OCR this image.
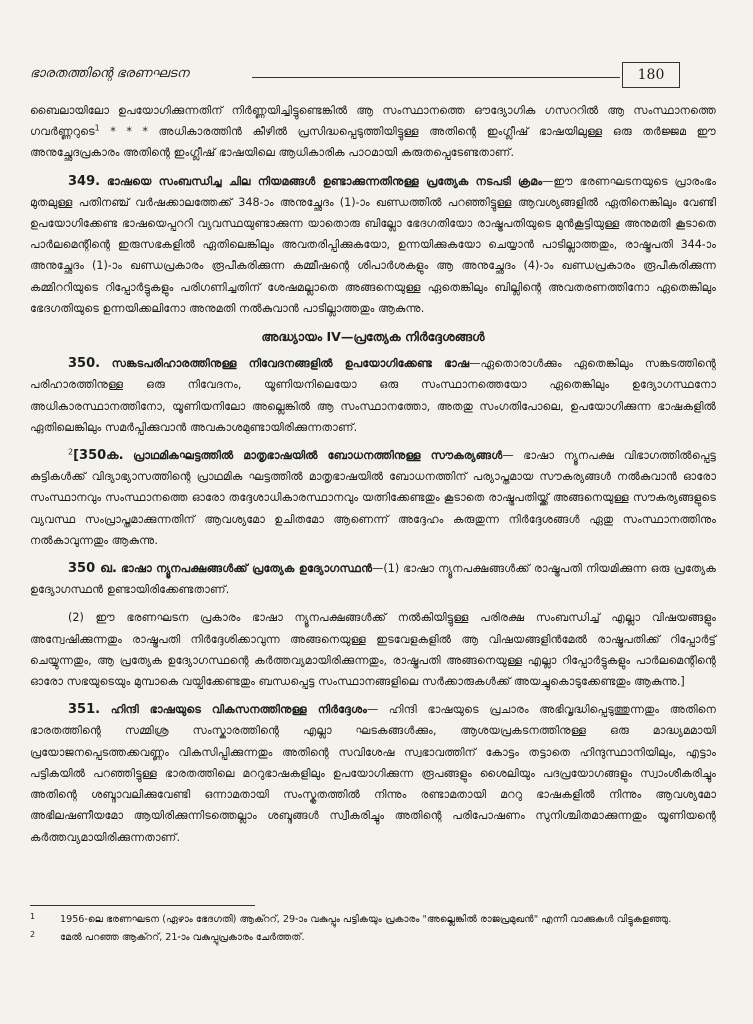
ഭാരതത്തിന്റെ ഭരണഘടന	180

ബൈലായിലോ ഉപയോഗിക്കുന്നതിന് നിർണ്ണയിച്ചിട്ടുണ്ടെങ്കിൽ ആ സംസ്ഥാനത്തെ ഔദ്യോഗിക ഗസററിൽ ആ സംസ്ഥാനത്തെ ഗവർണ്ണറുടെ$^1$ * * * അധികാരത്തിൻ കീഴിൽ പ്രസിദ്ധപ്പെടുത്തിയിട്ടുള്ള അതിന്റെ ഇംഗ്ലീഷ് ഭാഷയിലുള്ള ഒരു തർജ്ജമ ഈ അനുച്ഛേദപ്രകാരം അതിന്റെ ഇംഗ്ലീഷ് ഭാഷയിലെ ആധികാരിക പാഠമായി കരുതപ്പെടേണ്ടതാണ്.

349. ഭാഷയെ സംബന്ധിച്ച ചില നിയമങ്ങൾ ഉണ്ടാക്കുന്നതിനുള്ള പ്രത്യേക നടപടി ക്രമം—ഈ ഭരണഘടനയുടെ പ്രാരംഭം മുതലുള്ള പതിനഞ്ച് വർഷക്കാലത്തേക്ക് 348-ാം അനുച്ഛേദം (1)-ാം ഖണ്ഡത്തിൽ പറഞ്ഞിട്ടുള്ള ആവശ്യങ്ങളിൽ ഏതിനെങ്കിലും വേണ്ടി ഉപയോഗിക്കേണ്ട ഭാഷയെപ്പററി വ്യവസ്ഥയുണ്ടാക്കുന്ന യാതൊരു ബില്ലോ ഭേദഗതിയോ രാഷ്ട്രപതിയുടെ മുൻകൂട്ടിയുള്ള അനുമതി കൂടാതെ പാർലമെന്റിന്റെ ഇരുസഭകളിൽ ഏതിലെങ്കിലും അവതരിപ്പിക്കുകയോ, ഉന്നയിക്കുകയോ ചെയ്യാൻ പാടില്ലാത്തതും, രാഷ്ട്രപതി 344-ാം അനുച്ഛേദം (1)-ാം ഖണ്ഡപ്രകാരം രൂപീകരിക്കുന്ന കമ്മീഷന്റെ ശിപാർശകളും ആ അനുച്ഛേദം (4)-ാം ഖണ്ഡപ്രകാരം രൂപീകരിക്കുന്ന കമ്മിററിയുടെ റിപ്പോർട്ടുകളും പരിഗണിച്ചതിന് ശേഷമല്ലാതെ അങ്ങനെയുള്ള ഏതെങ്കിലും ബില്ലിന്റെ അവതരണത്തിനോ ഏതെങ്കിലും ഭേദഗതിയുടെ ഉന്നയിക്കലിനോ അനുമതി നൽകുവാൻ പാടില്ലാത്തതും ആകുന്നു.

അദ്ധ്യായം IV—പ്രത്യേക നിർദ്ദേശങ്ങൾ

350. സങ്കടപരിഹാരത്തിനുള്ള നിവേദനങ്ങളിൽ ഉപയോഗിക്കേണ്ട ഭാഷ—ഏതൊരാൾക്കും ഏതെങ്കിലും സങ്കടത്തിന്റെ പരിഹാരത്തിനുള്ള ഒരു നിവേദനം, യൂണിയനിലെയോ ഒരു സംസ്ഥാനത്തെയോ ഏതെങ്കിലും ഉദ്യോഗസ്ഥനോ അധികാരസ്ഥാനത്തിനോ, യൂണിയനിലോ അല്ലെങ്കിൽ ആ സംസ്ഥാനത്തോ, അതതു സംഗതിപോലെ, ഉപയോഗിക്കുന്ന ഭാഷകളിൽ ഏതിലെങ്കിലും സമർപ്പിക്കുവാൻ അവകാശമുണ്ടായിരിക്കുന്നതാണ്.

$^2$[350ക. പ്രാഥമികഘട്ടത്തിൽ മാതൃഭാഷയിൽ ബോധനത്തിനുള്ള സൗകര്യങ്ങൾ— ഭാഷാ ന്യൂനപക്ഷ വിഭാഗത്തിൽപ്പെട്ട കുട്ടികൾക്ക് വിദ്യാഭ്യാസത്തിന്റെ പ്രാഥമിക ഘട്ടത്തിൽ മാതൃഭാഷയിൽ ബോധനത്തിന് പര്യാപ്തമായ സൗകര്യങ്ങൾ നൽകുവാൻ ഓരോ സംസ്ഥാനവും സംസ്ഥാനത്തെ ഓരോ തദ്ദേശാധികാരസ്ഥാനവും യത്നിക്കേണ്ടതും കൂടാതെ രാഷ്ട്രപതിയ്ക്ക് അങ്ങനെയുള്ള സൗകര്യങ്ങളുടെ വ്യവസ്ഥ സംപ്രാപ്തമാക്കുന്നതിന് ആവശ്യമോ ഉചിതമോ ആണെന്ന് അദ്ദേഹം കരുതുന്ന നിർദ്ദേശങ്ങൾ ഏതു സംസ്ഥാനത്തിനും നൽകാവുന്നതും ആകുന്നു.

350 ഖ. ഭാഷാ ന്യൂനപക്ഷങ്ങൾക്ക് പ്രത്യേക ഉദ്യോഗസ്ഥൻ—(1) ഭാഷാ ന്യൂനപക്ഷങ്ങൾക്ക് രാഷ്ട്രപതി നിയമിക്കുന്ന ഒരു പ്രത്യേക ഉദ്യോഗസ്ഥൻ ഉണ്ടായിരിക്കേണ്ടതാണ്.

(2) ഈ ഭരണഘടന പ്രകാരം ഭാഷാ ന്യൂനപക്ഷങ്ങൾക്ക് നൽകിയിട്ടുള്ള പരിരക്ഷ സംബന്ധിച്ച് എല്ലാ വിഷയങ്ങളും അന്വേഷിക്കുന്നതും രാഷ്ട്രപതി നിർദ്ദേശിക്കാവുന്ന അങ്ങനെയുള്ള ഇടവേളകളിൽ ആ വിഷയങ്ങളിൻമേൽ രാഷ്ട്രപതിക്ക് റിപ്പോർട്ട് ചെയ്യുന്നതും, ആ പ്രത്യേക ഉദ്യോഗസ്ഥന്റെ കർത്തവ്യമായിരിക്കുന്നതും, രാഷ്ട്രപതി അങ്ങനെയുള്ള എല്ലാ റിപ്പോർട്ടുകളും പാർലമെന്റിന്റെ ഓരോ സഭയുടെയും മുമ്പാകെ വയ്പിക്കേണ്ടതും ബന്ധപ്പെട്ട സംസ്ഥാനങ്ങളിലെ സർക്കാരുകൾക്ക് അയച്ചുകൊടുക്കേണ്ടതും ആകുന്നു.]

351. ഹിന്ദി ഭാഷയുടെ വികസനത്തിനുള്ള നിർദ്ദേശം— ഹിന്ദി ഭാഷയുടെ പ്രചാരം അഭിവൃദ്ധിപ്പെടുത്തുന്നതും അതിനെ ഭാരതത്തിന്റെ സമ്മിശ്ര സംസ്കാരത്തിന്റെ എല്ലാ ഘടകങ്ങൾക്കും, ആശയപ്രകടനത്തിനുള്ള ഒരു മാദ്ധ്യമമായി പ്രയോജനപ്പെടത്തക്കവണ്ണം വികസിപ്പിക്കുന്നതും അതിന്റെ സവിശേഷ സ്വഭാവത്തിന് കോട്ടം തട്ടാതെ ഹിന്ദുസ്ഥാനിയിലും, എട്ടാം പട്ടികയിൽ പറഞ്ഞിട്ടുള്ള ഭാരതത്തിലെ മററുഭാഷകളിലും ഉപയോഗിക്കുന്ന രൂപങ്ങളും ശൈലിയും പദപ്രയോഗങ്ങളും സ്വാംശീകരിച്ചും അതിന്റെ ശബ്ദാവലിക്കുവേണ്ടി ഒന്നാമതായി സംസ്കൃതത്തിൽ നിന്നും രണ്ടാമതായി മററു ഭാഷകളിൽ നിന്നും ആവശ്യമോ അഭിലഷണീയമോ ആയിരിക്കുന്നിടത്തെല്ലാം ശബ്ദങ്ങൾ സ്വീകരിച്ചും അതിന്റെ പരിപോഷണം സുനിശ്ചിതമാക്കുന്നതും യൂണിയന്റെ കർത്തവ്യമായിരിക്കുന്നതാണ്.

1	1956-ലെ ഭരണഘടന (ഏഴാം ഭേദഗതി) ആക്ററ്, 29-ാം വകുപ്പും പട്ടികയും പ്രകാരം "അല്ലെങ്കിൽ രാജപ്രമുഖൻ" എന്നീ വാക്കുകൾ വിട്ടുകളഞ്ഞു.
2	മേൽ പറഞ്ഞ ആക്ററ്, 21-ാം വകുപ്പുപ്രകാരം ചേർത്തത്.
